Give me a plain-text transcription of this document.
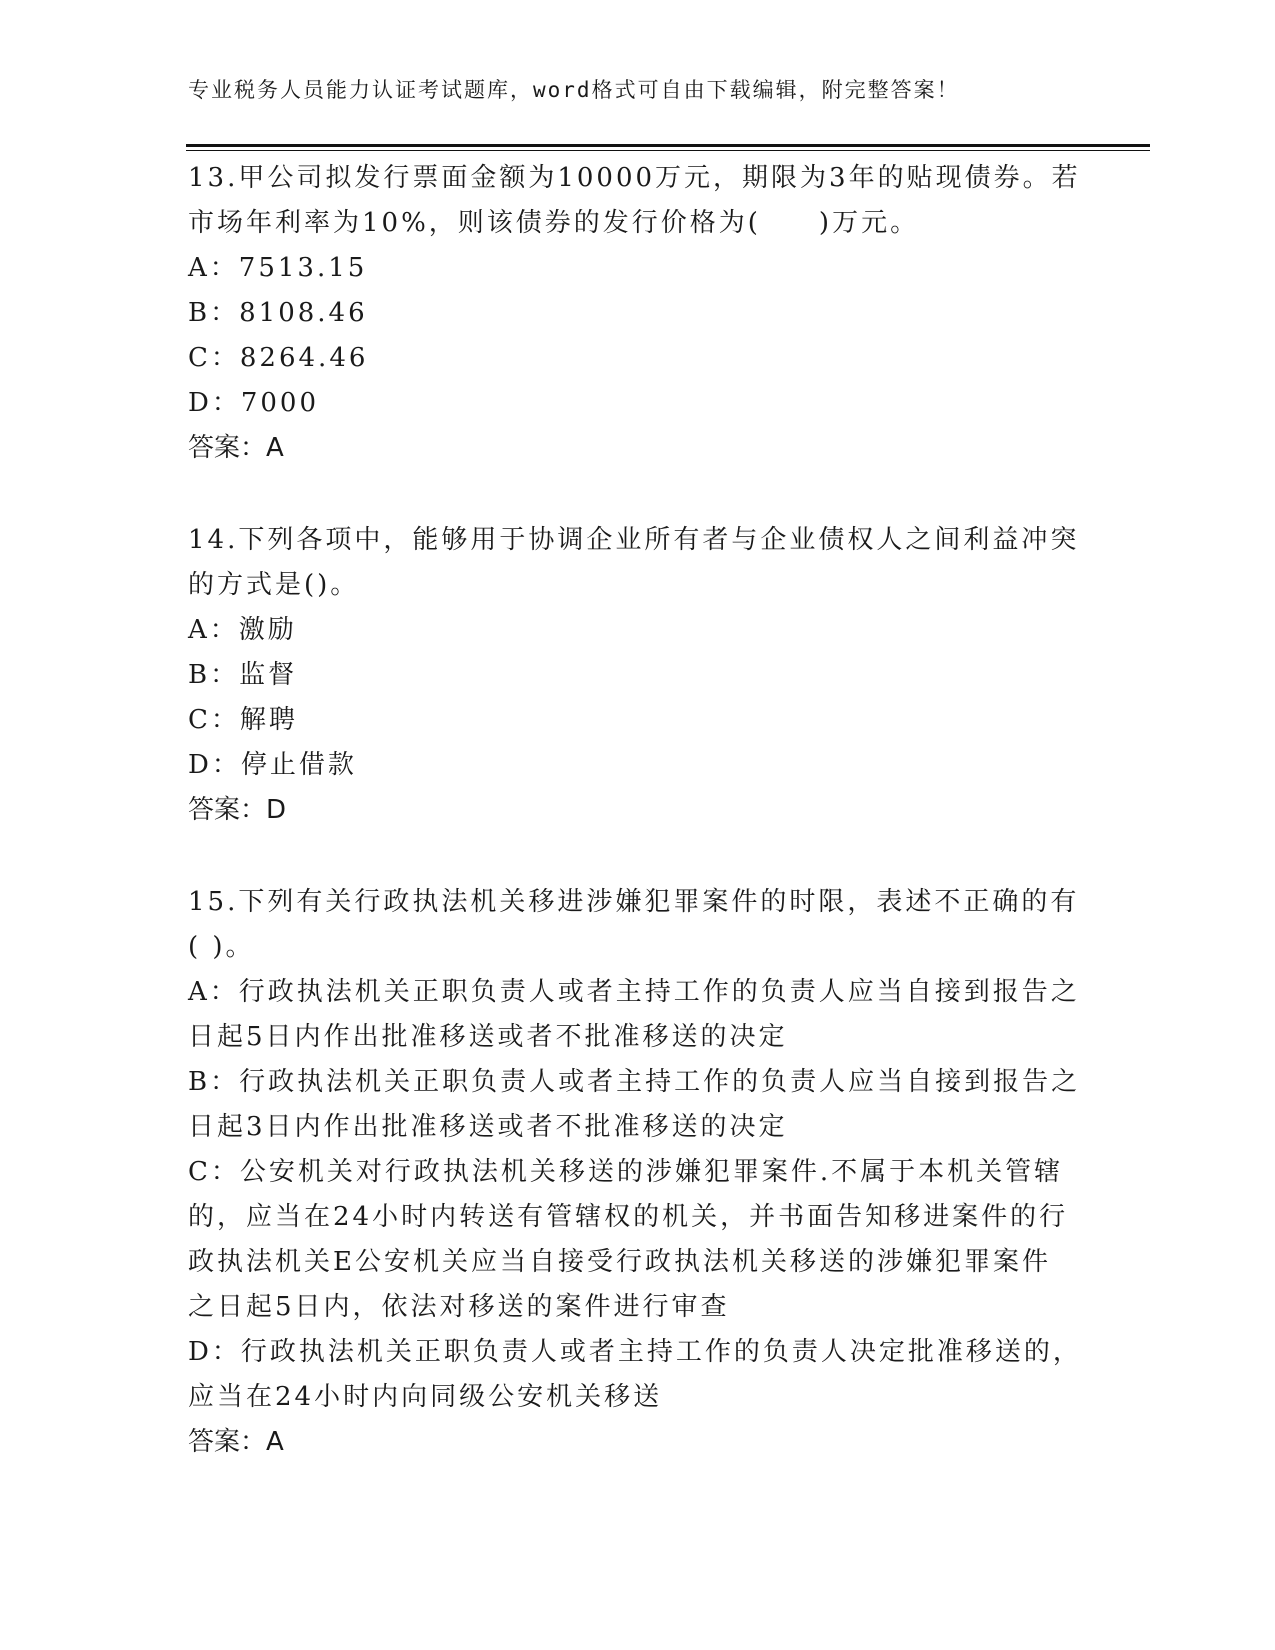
专业税务人员能力认证考试题库，word格式可自由下载编辑，附完整答案！

13.甲公司拟发行票面金额为10000万元，期限为3年的贴现债券。若

市场年利率为10%，则该债券的发行价格为(　　)万元。

A：7513.15

B：8108.46

C：8264.46

D：7000

答案：A

14.下列各项中，能够用于协调企业所有者与企业债权人之间利益冲突

的方式是()。

A：激励

B：监督

C：解聘

D：停止借款

答案：D

15.下列有关行政执法机关移进涉嫌犯罪案件的时限，表述不正确的有

( )。

A：行政执法机关正职负责人或者主持工作的负责人应当自接到报告之

日起5日内作出批准移送或者不批准移送的决定

B：行政执法机关正职负责人或者主持工作的负责人应当自接到报告之

日起3日内作出批准移送或者不批准移送的决定

C：公安机关对行政执法机关移送的涉嫌犯罪案件.不属于本机关管辖

的，应当在24小时内转送有管辖权的机关，并书面告知移进案件的行

政执法机关E公安机关应当自接受行政执法机关移送的涉嫌犯罪案件

之日起5日内，依法对移送的案件进行审查

D：行政执法机关正职负责人或者主持工作的负责人决定批准移送的，

应当在24小时内向同级公安机关移送

答案：A
